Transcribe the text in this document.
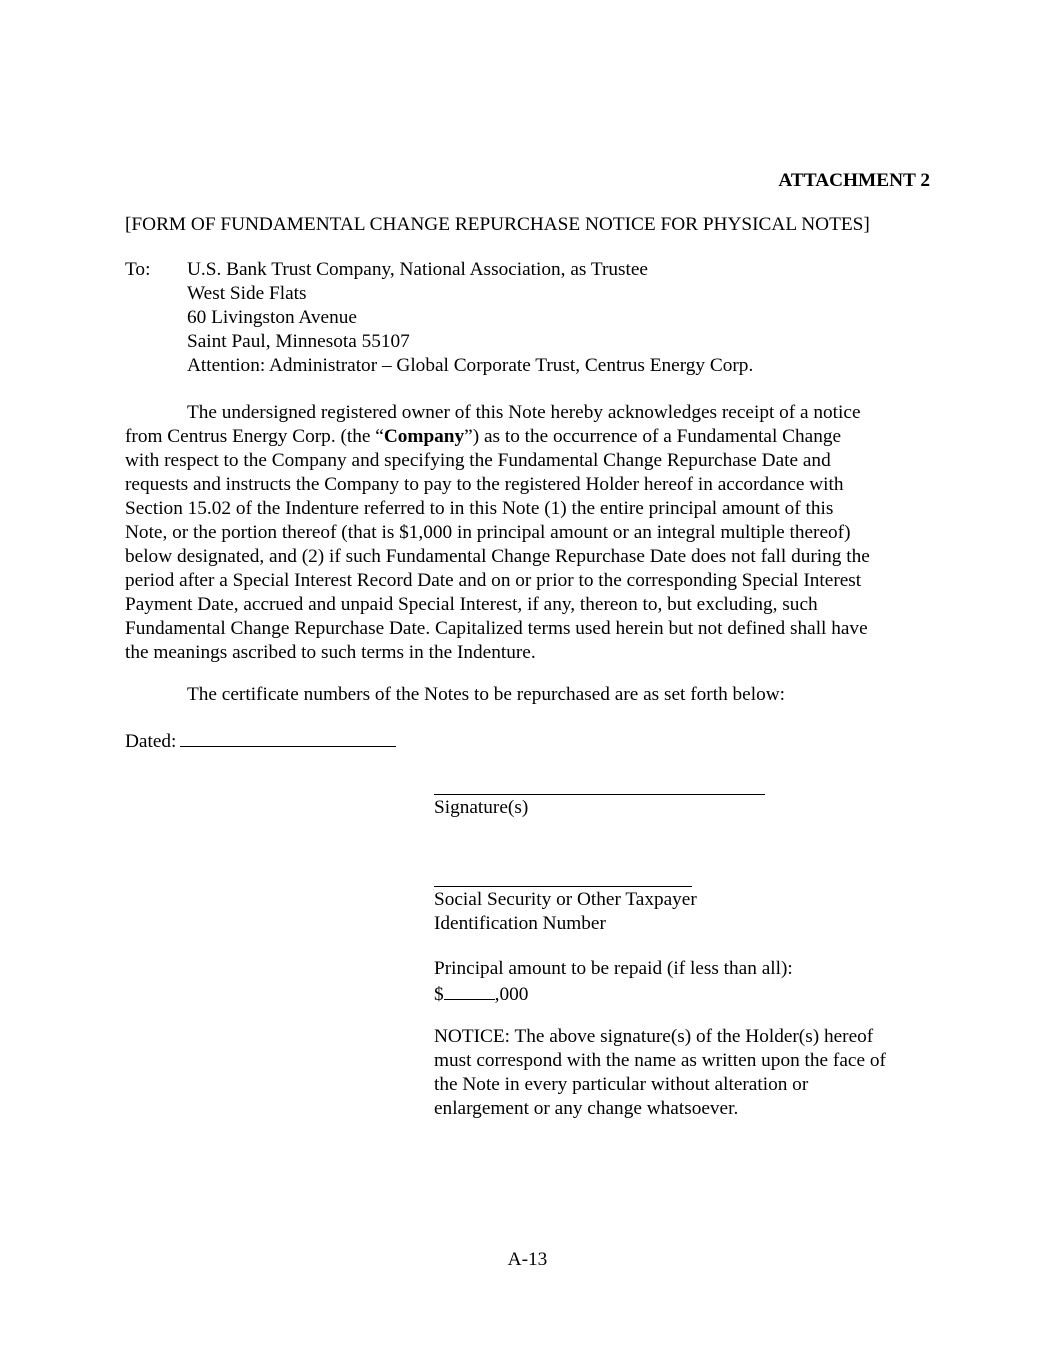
ATTACHMENT 2
[FORM OF FUNDAMENTAL CHANGE REPURCHASE NOTICE FOR PHYSICAL NOTES]
To: U.S. Bank Trust Company, National Association, as Trustee
West Side Flats
60 Livingston Avenue
Saint Paul, Minnesota 55107
Attention: Administrator – Global Corporate Trust, Centrus Energy Corp.
The undersigned registered owner of this Note hereby acknowledges receipt of a notice
from Centrus Energy Corp. (the “Company”) as to the occurrence of a Fundamental Change
with respect to the Company and specifying the Fundamental Change Repurchase Date and
requests and instructs the Company to pay to the registered Holder hereof in accordance with
Section 15.02 of the Indenture referred to in this Note (1) the entire principal amount of this
Note, or the portion thereof (that is $1,000 in principal amount or an integral multiple thereof)
below designated, and (2) if such Fundamental Change Repurchase Date does not fall during the
period after a Special Interest Record Date and on or prior to the corresponding Special Interest
Payment Date, accrued and unpaid Special Interest, if any, thereon to, but excluding, such
Fundamental Change Repurchase Date. Capitalized terms used herein but not defined shall have
the meanings ascribed to such terms in the Indenture.
The certificate numbers of the Notes to be repurchased are as set forth below:
Dated:
Signature(s)
Social Security or Other Taxpayer
Identification Number
Principal amount to be repaid (if less than all):
$	,000
NOTICE: The above signature(s) of the Holder(s) hereof
must correspond with the name as written upon the face of
the Note in every particular without alteration or
enlargement or any change whatsoever.
A-13
